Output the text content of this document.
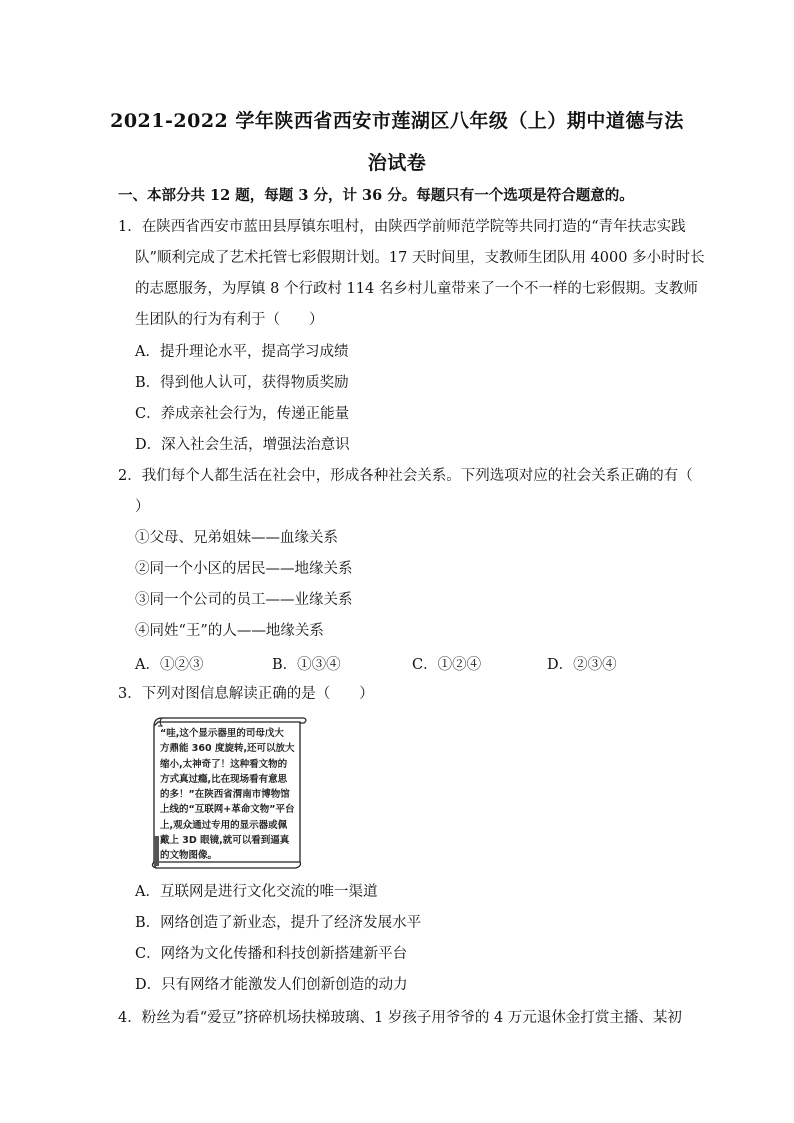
2021-2022 学年陕西省西安市莲湖区八年级（上）期中道德与法
治试卷
一、本部分共 12 题，每题 3 分，计 36 分。每题只有一个选项是符合题意的。
1．在陕西省西安市蓝田县厚镇东咀村，由陕西学前师范学院等共同打造的“青年扶志实践
队”顺利完成了艺术托管七彩假期计划。17 天时间里，支教师生团队用 4000 多小时时长
的志愿服务，为厚镇 8 个行政村 114 名乡村儿童带来了一个不一样的七彩假期。支教师
生团队的行为有利于（　　）
A．提升理论水平，提高学习成绩
B．得到他人认可，获得物质奖励
C．养成亲社会行为，传递正能量
D．深入社会生活，增强法治意识
2．我们每个人都生活在社会中，形成各种社会关系。下列选项对应的社会关系正确的有（
）
①父母、兄弟姐妹——血缘关系
②同一个小区的居民——地缘关系
③同一个公司的员工——业缘关系
④同姓“王”的人——地缘关系
A．①②③	B．①③④	C．①②④	D．②③④
3．下列对图信息解读正确的是（　　）
“哇,这个显示器里的司母戊大
方鼎能 360 度旋转,还可以放大
缩小,太神奇了！这种看文物的
方式真过瘾,比在现场看有意思
的多！”在陕西省渭南市博物馆
上线的“互联网+革命文物”平台
上,观众通过专用的显示器或佩
戴上 3D 眼镜,就可以看到逼真
的文物图像。
A．互联网是进行文化交流的唯一渠道
B．网络创造了新业态，提升了经济发展水平
C．网络为文化传播和科技创新搭建新平台
D．只有网络才能激发人们创新创造的动力
4．粉丝为看“爱豆”挤碎机场扶梯玻璃、1 岁孩子用爷爷的 4 万元退休金打赏主播、某初
